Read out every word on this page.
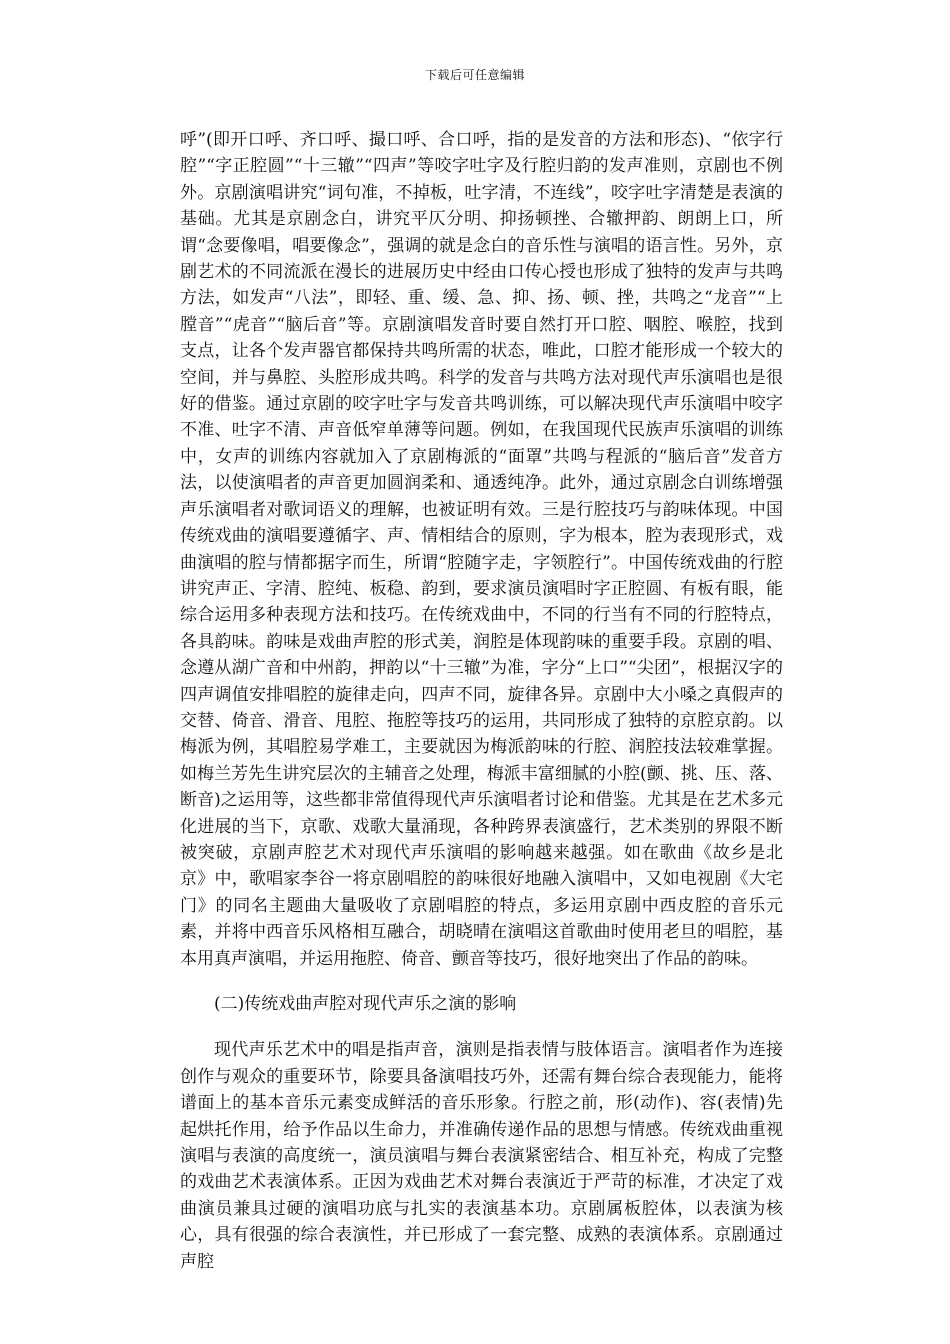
下载后可任意编辑

呼”(即开口呼、齐口呼、撮口呼、合口呼，指的是发音的方法和形态)、“依字行腔”“字正腔圆”“十三辙”“四声”等咬字吐字及行腔归韵的发声准则，京剧也不例外。京剧演唱讲究“词句准，不掉板，吐字清，不连线”，咬字吐字清楚是表演的基础。尤其是京剧念白，讲究平仄分明、抑扬顿挫、合辙押韵、朗朗上口，所谓“念要像唱，唱要像念”，强调的就是念白的音乐性与演唱的语言性。另外，京剧艺术的不同流派在漫长的进展历史中经由口传心授也形成了独特的发声与共鸣方法，如发声“八法”，即轻、重、缓、急、抑、扬、顿、挫，共鸣之“龙音”“上膛音”“虎音”“脑后音”等。京剧演唱发音时要自然打开口腔、咽腔、喉腔，找到支点，让各个发声器官都保持共鸣所需的状态，唯此，口腔才能形成一个较大的空间，并与鼻腔、头腔形成共鸣。科学的发音与共鸣方法对现代声乐演唱也是很好的借鉴。通过京剧的咬字吐字与发音共鸣训练，可以解决现代声乐演唱中咬字不准、吐字不清、声音低窄单薄等问题。例如，在我国现代民族声乐演唱的训练中，女声的训练内容就加入了京剧梅派的“面罩”共鸣与程派的“脑后音”发音方法，以使演唱者的声音更加圆润柔和、通透纯净。此外，通过京剧念白训练增强声乐演唱者对歌词语义的理解，也被证明有效。三是行腔技巧与韵味体现。中国传统戏曲的演唱要遵循字、声、情相结合的原则，字为根本，腔为表现形式，戏曲演唱的腔与情都据字而生，所谓“腔随字走，字领腔行”。中国传统戏曲的行腔讲究声正、字清、腔纯、板稳、韵到，要求演员演唱时字正腔圆、有板有眼，能综合运用多种表现方法和技巧。在传统戏曲中，不同的行当有不同的行腔特点，各具韵味。韵味是戏曲声腔的形式美，润腔是体现韵味的重要手段。京剧的唱、念遵从湖广音和中州韵，押韵以“十三辙”为准，字分“上口”“尖团”，根据汉字的四声调值安排唱腔的旋律走向，四声不同，旋律各异。京剧中大小嗓之真假声的交替、倚音、滑音、甩腔、拖腔等技巧的运用，共同形成了独特的京腔京韵。以梅派为例，其唱腔易学难工，主要就因为梅派韵味的行腔、润腔技法较难掌握。如梅兰芳先生讲究层次的主辅音之处理，梅派丰富细腻的小腔(颤、挑、压、落、断音)之运用等，这些都非常值得现代声乐演唱者讨论和借鉴。尤其是在艺术多元化进展的当下，京歌、戏歌大量涌现，各种跨界表演盛行，艺术类别的界限不断被突破，京剧声腔艺术对现代声乐演唱的影响越来越强。如在歌曲《故乡是北京》中，歌唱家李谷一将京剧唱腔的韵味很好地融入演唱中，又如电视剧《大宅门》的同名主题曲大量吸收了京剧唱腔的特点，多运用京剧中西皮腔的音乐元素，并将中西音乐风格相互融合，胡晓晴在演唱这首歌曲时使用老旦的唱腔，基本用真声演唱，并运用拖腔、倚音、颤音等技巧，很好地突出了作品的韵味。

(二)传统戏曲声腔对现代声乐之演的影响

现代声乐艺术中的唱是指声音，演则是指表情与肢体语言。演唱者作为连接创作与观众的重要环节，除要具备演唱技巧外，还需有舞台综合表现能力，能将谱面上的基本音乐元素变成鲜活的音乐形象。行腔之前，形(动作)、容(表情)先起烘托作用，给予作品以生命力，并准确传递作品的思想与情感。传统戏曲重视演唱与表演的高度统一，演员演唱与舞台表演紧密结合、相互补充，构成了完整的戏曲艺术表演体系。正因为戏曲艺术对舞台表演近于严苛的标准，才决定了戏曲演员兼具过硬的演唱功底与扎实的表演基本功。京剧属板腔体，以表演为核心，具有很强的综合表演性，并已形成了一套完整、成熟的表演体系。京剧通过声腔
